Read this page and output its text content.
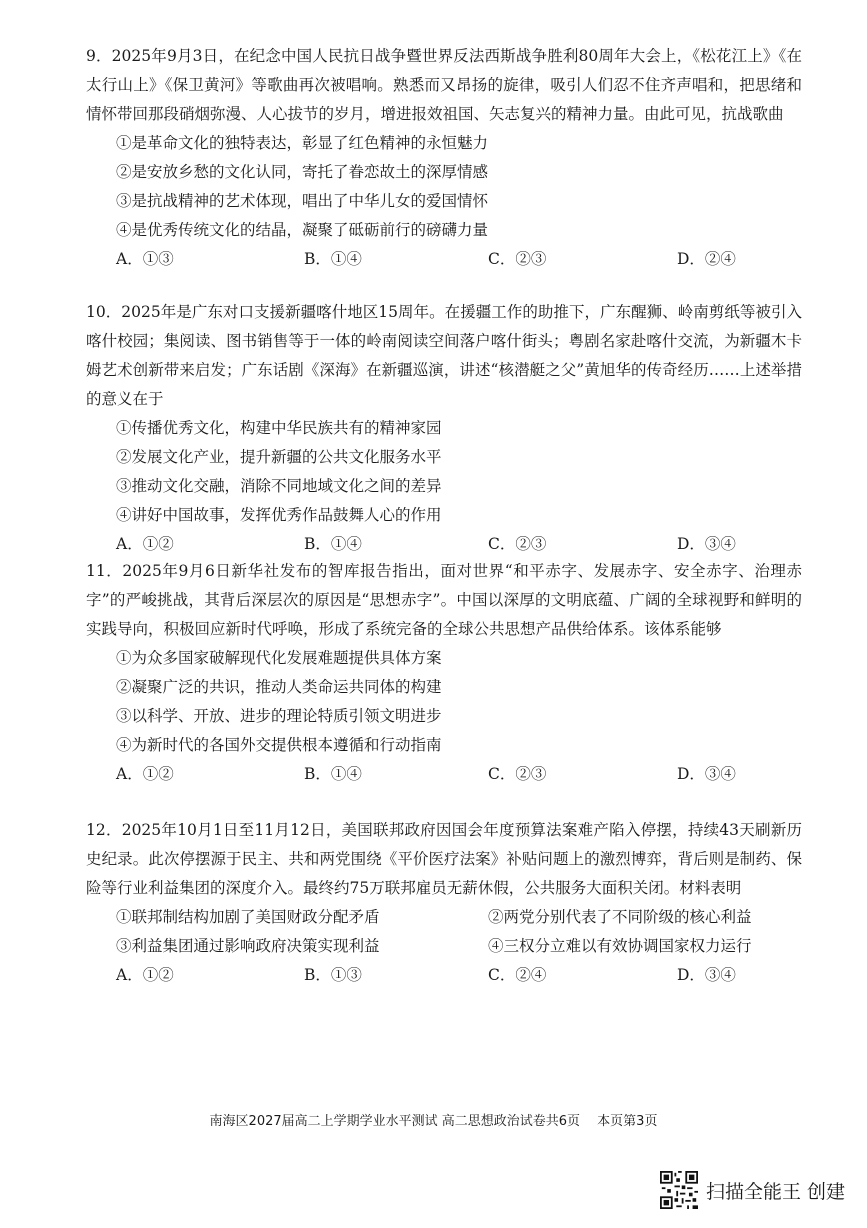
9．2025年9月3日，在纪念中国人民抗日战争暨世界反法西斯战争胜利80周年大会上，《松花江上》《在太行山上》《保卫黄河》等歌曲再次被唱响。熟悉而又昂扬的旋律，吸引人们忍不住齐声唱和，把思绪和情怀带回那段硝烟弥漫、人心拔节的岁月，增进报效祖国、矢志复兴的精神力量。由此可见，抗战歌曲
①是革命文化的独特表达，彰显了红色精神的永恒魅力
②是安放乡愁的文化认同，寄托了眷恋故土的深厚情感
③是抗战精神的艺术体现，唱出了中华儿女的爱国情怀
④是优秀传统文化的结晶，凝聚了砥砺前行的磅礴力量
A．①③	B．①④	C．②③	D．②④
10．2025年是广东对口支援新疆喀什地区15周年。在援疆工作的助推下，广东醒狮、岭南剪纸等被引入喀什校园；集阅读、图书销售等于一体的岭南阅读空间落户喀什街头；粤剧名家赴喀什交流，为新疆木卡姆艺术创新带来启发；广东话剧《深海》在新疆巡演，讲述“核潜艇之父”黄旭华的传奇经历……上述举措的意义在于
①传播优秀文化，构建中华民族共有的精神家园
②发展文化产业，提升新疆的公共文化服务水平
③推动文化交融，消除不同地域文化之间的差异
④讲好中国故事，发挥优秀作品鼓舞人心的作用
A．①②	B．①④	C．②③	D．③④
11．2025年9月6日新华社发布的智库报告指出，面对世界“和平赤字、发展赤字、安全赤字、治理赤字”的严峻挑战，其背后深层次的原因是“思想赤字”。中国以深厚的文明底蕴、广阔的全球视野和鲜明的实践导向，积极回应新时代呼唤，形成了系统完备的全球公共思想产品供给体系。该体系能够
①为众多国家破解现代化发展难题提供具体方案
②凝聚广泛的共识，推动人类命运共同体的构建
③以科学、开放、进步的理论特质引领文明进步
④为新时代的各国外交提供根本遵循和行动指南
A．①②	B．①④	C．②③	D．③④
12．2025年10月1日至11月12日，美国联邦政府因国会年度预算法案难产陷入停摆，持续43天刷新历史纪录。此次停摆源于民主、共和两党围绕《平价医疗法案》补贴问题上的激烈博弈，背后则是制药、保险等行业利益集团的深度介入。最终约75万联邦雇员无薪休假，公共服务大面积关闭。材料表明
①联邦制结构加剧了美国财政分配矛盾	②两党分别代表了不同阶级的核心利益
③利益集团通过影响政府决策实现利益	④三权分立难以有效协调国家权力运行
A．①②	B．①③	C．②④	D．③④
南海区2027届高二上学期学业水平测试 高二思想政治试卷共6页　 本页第3页
扫描全能王 创建
